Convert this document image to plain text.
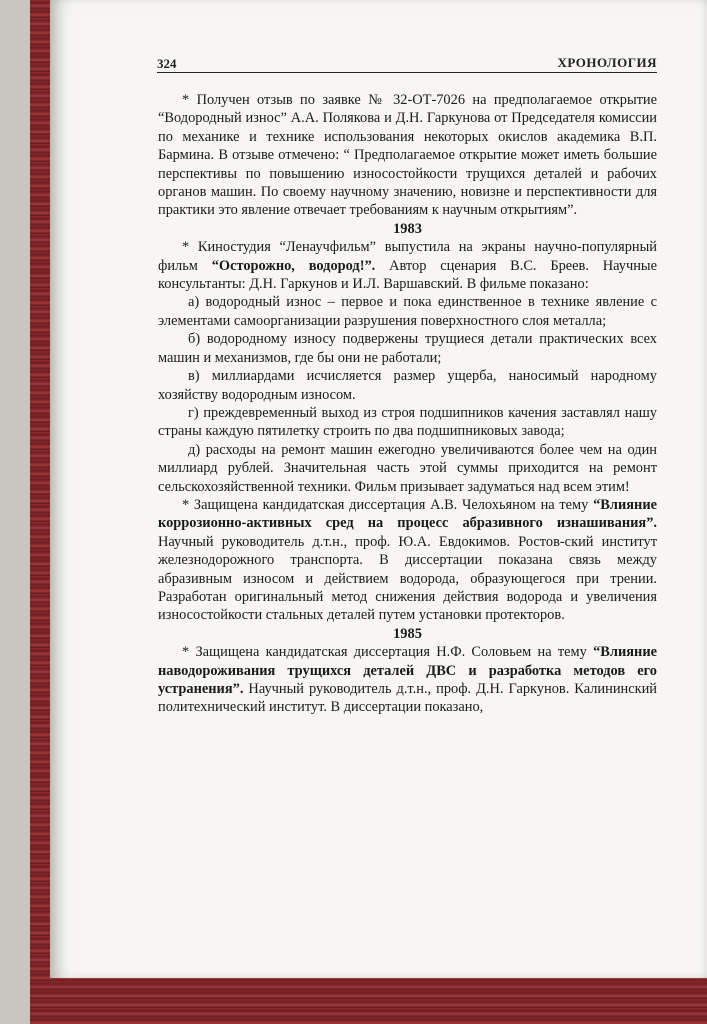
324	ХРОНОЛОГИЯ

* Получен отзыв по заявке № 32-ОТ-7026 на предполагаемое открытие “Водородный износ” А.А. Полякова и Д.Н. Гаркунова от Председателя комиссии по механике и технике использования некоторых окислов академика В.П. Бармина. В отзыве отмечено: “ Предполагаемое открытие может иметь большие перспективы по повышению износостойкости трущихся деталей и рабочих органов машин. По своему научному значению, новизне и перспективности для практики это явление отвечает требованиям к научным открытиям”.

1983

* Киностудия “Ленаучфильм” выпустила на экраны научно-популярный фильм “Осторожно, водород!”. Автор сценария В.С. Бреев. Научные консультанты: Д.Н. Гаркунов и И.Л. Варшавский. В фильме показано:

а) водородный износ – первое и пока единственное в технике явление с элементами самоорганизации разрушения поверхностного слоя металла;

б) водородному износу подвержены трущиеся детали практических всех машин и механизмов, где бы они не работали;

в) миллиардами исчисляется размер ущерба, наносимый народному хозяйству водородным износом.

г) преждевременный выход из строя подшипников качения заставлял нашу страны каждую пятилетку строить по два подшипниковых завода;

д) расходы на ремонт машин ежегодно увеличиваются более чем на один миллиард рублей. Значительная часть этой суммы приходится на ремонт сельскохозяйственной техники. Фильм призывает задуматься над всем этим!

* Защищена кандидатская диссертация А.В. Челохьяном на тему “Влияние коррозионно-активных сред на процесс абразивного изнашивания”. Научный руководитель д.т.н., проф. Ю.А. Евдокимов. Ростов-ский институт железнодорожного транспорта. В диссертации показана связь между абразивным износом и действием водорода, образующегося при трении. Разработан оригинальный метод снижения действия водорода и увеличения износостойкости стальных деталей путем установки протекторов.

1985

* Защищена кандидатская диссертация Н.Ф. Соловьем на тему “Влияние наводороживания трущихся деталей ДВС и разработка методов его устранения”. Научный руководитель д.т.н., проф. Д.Н. Гаркунов. Калининский политехнический институт. В диссертации показано,
